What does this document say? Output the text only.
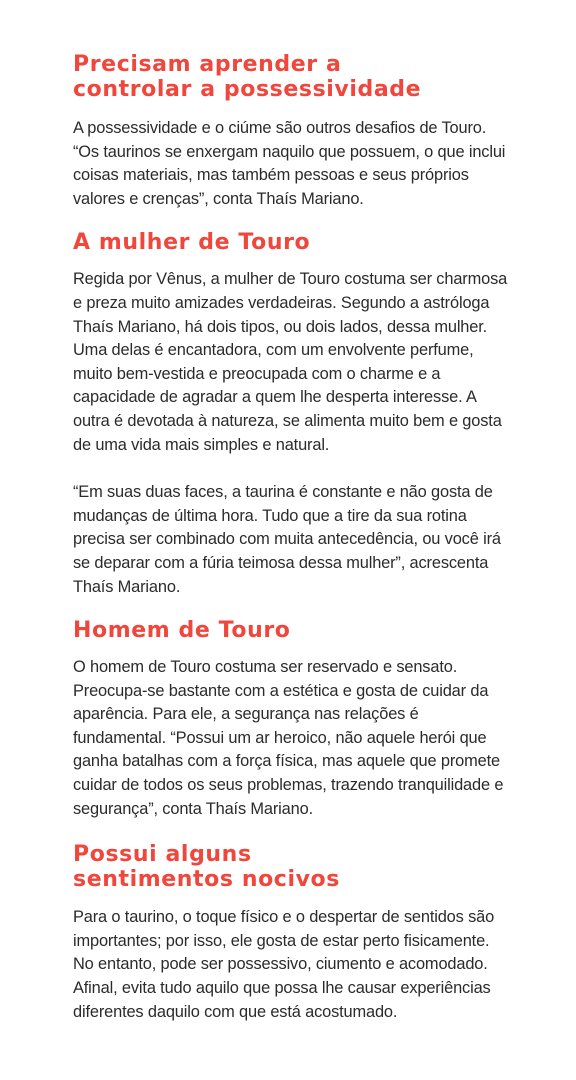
Precisam aprender a
controlar a possessividade

A possessividade e o ciúme são outros desafios de Touro. “Os taurinos se enxergam naquilo que possuem, o que inclui coisas materiais, mas também pessoas e seus próprios valores e crenças”, conta Thaís Mariano.

A mulher de Touro

Regida por Vênus, a mulher de Touro costuma ser charmosa e preza muito amizades verdadeiras. Segundo a astróloga Thaís Mariano, há dois tipos, ou dois lados, dessa mulher. Uma delas é encantadora, com um envolvente perfume, muito bem-vestida e preocupada com o charme e a capacidade de agradar a quem lhe desperta interesse. A outra é devotada à natureza, se alimenta muito bem e gosta de uma vida mais simples e natural.

“Em suas duas faces, a taurina é constante e não gosta de mudanças de última hora. Tudo que a tire da sua rotina precisa ser combinado com muita antecedência, ou você irá se deparar com a fúria teimosa dessa mulher”, acrescenta Thaís Mariano.

Homem de Touro

O homem de Touro costuma ser reservado e sensato. Preocupa-se bastante com a estética e gosta de cuidar da aparência. Para ele, a segurança nas relações é fundamental. “Possui um ar heroico, não aquele herói que ganha batalhas com a força física, mas aquele que promete cuidar de todos os seus problemas, trazendo tranquilidade e segurança”, conta Thaís Mariano.

Possui alguns
sentimentos nocivos

Para o taurino, o toque físico e o despertar de sentidos são importantes; por isso, ele gosta de estar perto fisicamente. No entanto, pode ser possessivo, ciumento e acomodado. Afinal, evita tudo aquilo que possa lhe causar experiências diferentes daquilo com que está acostumado.
